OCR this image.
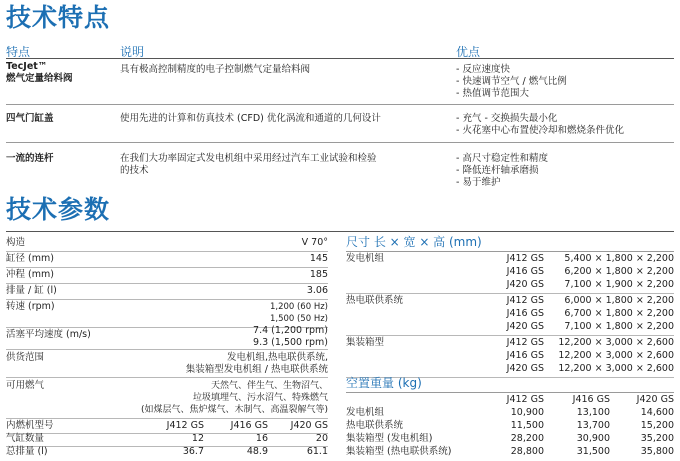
技术特点
特点	说明	优点
TecJet™
燃气定量给料阀
具有极高控制精度的电子控制燃气定量给料阀	- 反应速度快
- 快速调节空气 / 燃气比例
- 热值调节范围大
四气门缸盖	使用先进的计算和仿真技术 (CFD) 优化涡流和通道的几何设计	- 充气 - 交换损失最小化
- 火花塞中心布置使冷却和燃烧条件优化
一流的连杆	在我们大功率固定式发电机组中采用经过汽车工业试验和检验
的技术
- 高尺寸稳定性和精度
- 降低连杆轴承磨损
- 易于维护
技术参数
构造	V 70°
缸径 (mm)	145
冲程 (mm)	185
排量 / 缸 (l)	3.06
转速 (rpm)	1,200 (60 Hz)
1,500 (50 Hz)
活塞平均速度 (m/s)	7.4 (1,200 rpm)
9.3 (1,500 rpm)
供货范围	发电机组,热电联供系统,
集装箱型发电机组 / 热电联供系统
可用燃气	天然气、伴生气、生物沼气、
垃圾填埋气、污水沼气、特殊燃气
(如煤层气、焦炉煤气、木制气、高温裂解气等)
内燃机型号	J412 GS	J416 GS	J420 GS
气缸数量	12	16	20
总排量 (l)	36.7	48.9	61.1
尺寸 长 × 宽 × 高 (mm)
发电机组	J412 GS	5,400 × 1,800 × 2,200
J416 GS	6,200 × 1,800 × 2,200
J420 GS	7,100 × 1,900 × 2,200
热电联供系统	J412 GS	6,000 × 1,800 × 2,200
J416 GS	6,700 × 1,800 × 2,200
J420 GS	7,100 × 1,800 × 2,200
集装箱型	J412 GS	12,200 × 3,000 × 2,600
J416 GS	12,200 × 3,000 × 2,600
J420 GS	12,200 × 3,000 × 2,600
空置重量 (kg)
J412 GS	J416 GS	J420 GS
发电机组	10,900	13,100	14,600
热电联供系统	11,500	13,700	15,200
集装箱型 (发电机组)	28,200	30,900	35,200
集装箱型 (热电联供系统)	28,800	31,500	35,800
